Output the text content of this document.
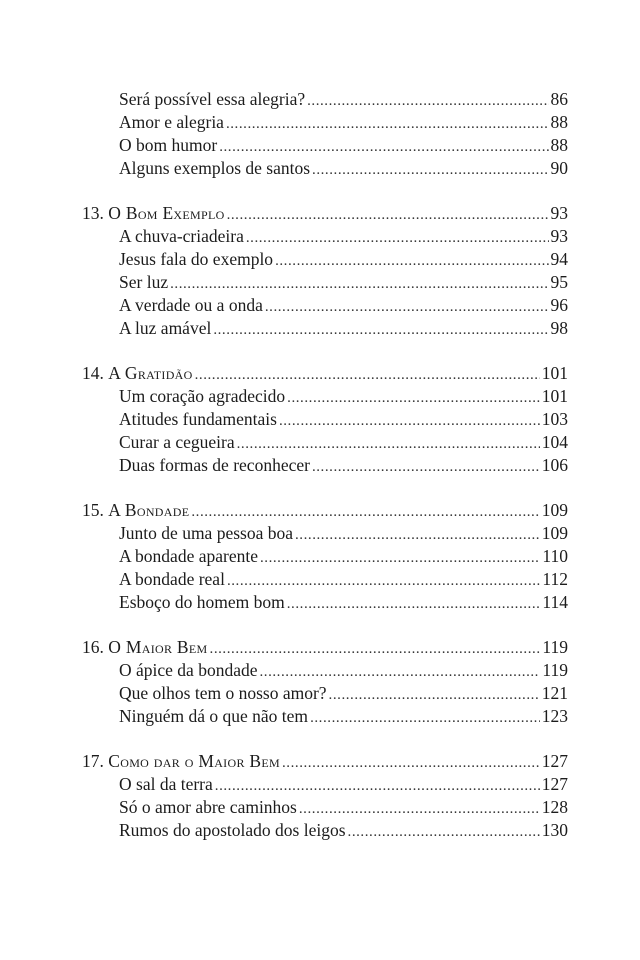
Será possível essa alegria? . . .	86
Amor e alegria . . .	88
O bom humor . . .	88
Alguns exemplos de santos . . .	90
13. O Bom Exemplo . . .	93
A chuva-criadeira . . .	93
Jesus fala do exemplo . . .	94
Ser luz . . .	95
A verdade ou a onda . . .	96
A luz amável . . .	98
14. A Gratidão . . .	101
Um coração agradecido . . .	101
Atitudes fundamentais . . .	103
Curar a cegueira . . .	104
Duas formas de reconhecer . . .	106
15. A Bondade . . .	109
Junto de uma pessoa boa . . .	109
A bondade aparente . . .	110
A bondade real . . .	112
Esboço do homem bom . . .	114
16. O Maior Bem . . .	119
O ápice da bondade . . .	119
Que olhos tem o nosso amor? . . .	121
Ninguém dá o que não tem . . .	123
17. Como dar o Maior Bem . . .	127
O sal da terra . . .	127
Só o amor abre caminhos . . .	128
Rumos do apostolado dos leigos . . .	130
